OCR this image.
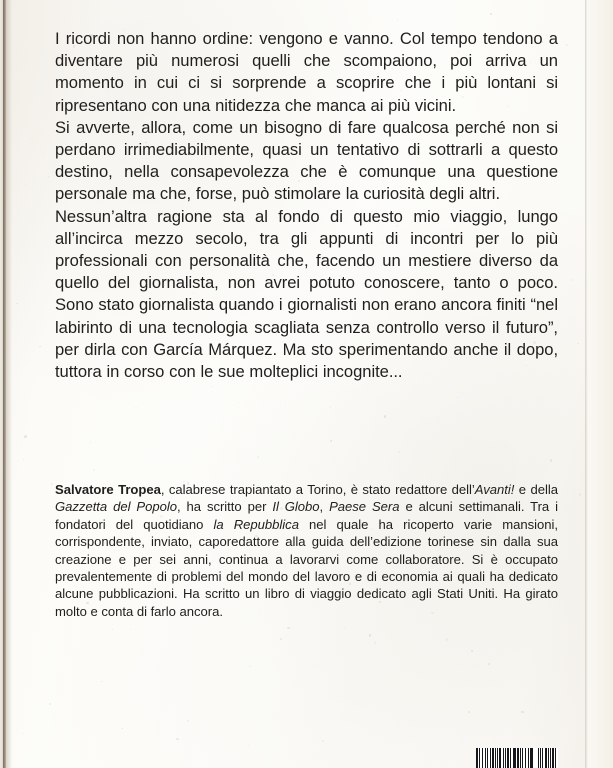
I ricordi non hanno ordine: vengono e vanno. Col tempo tendono a diventare più numerosi quelli che scompaiono, poi arriva un momento in cui ci si sorprende a scoprire che i più lontani si ripresentano con una nitidezza che manca ai più vicini.

Si avverte, allora, come un bisogno di fare qualcosa perché non si perdano irrimediabilmente, quasi un tentativo di sottrarli a questo destino, nella consapevolezza che è comunque una questione personale ma che, forse, può stimolare la curiosità degli altri.

Nessun’altra ragione sta al fondo di questo mio viaggio, lungo all’incirca mezzo secolo, tra gli appunti di incontri per lo più professionali con personalità che, facendo un mestiere diverso da quello del giornalista, non avrei potuto conoscere, tanto o poco. Sono stato giornalista quando i giornalisti non erano ancora finiti “nel labirinto di una tecnologia scagliata senza controllo verso il futuro”, per dirla con García Márquez. Ma sto sperimentando anche il dopo, tuttora in corso con le sue molteplici incognite...

Salvatore Tropea, calabrese trapiantato a Torino, è stato redattore dell’Avanti! e della Gazzetta del Popolo, ha scritto per Il Globo, Paese Sera e alcuni settimanali. Tra i fondatori del quotidiano la Repubblica nel quale ha ricoperto varie mansioni, corrispondente, inviato, caporedattore alla guida dell’edizione torinese sin dalla sua creazione e per sei anni, continua a lavorarvi come collaboratore. Si è occupato prevalentemente di problemi del mondo del lavoro e di economia ai quali ha dedicato alcune pubblicazioni. Ha scritto un libro di viaggio dedicato agli Stati Uniti. Ha girato molto e conta di farlo ancora.
